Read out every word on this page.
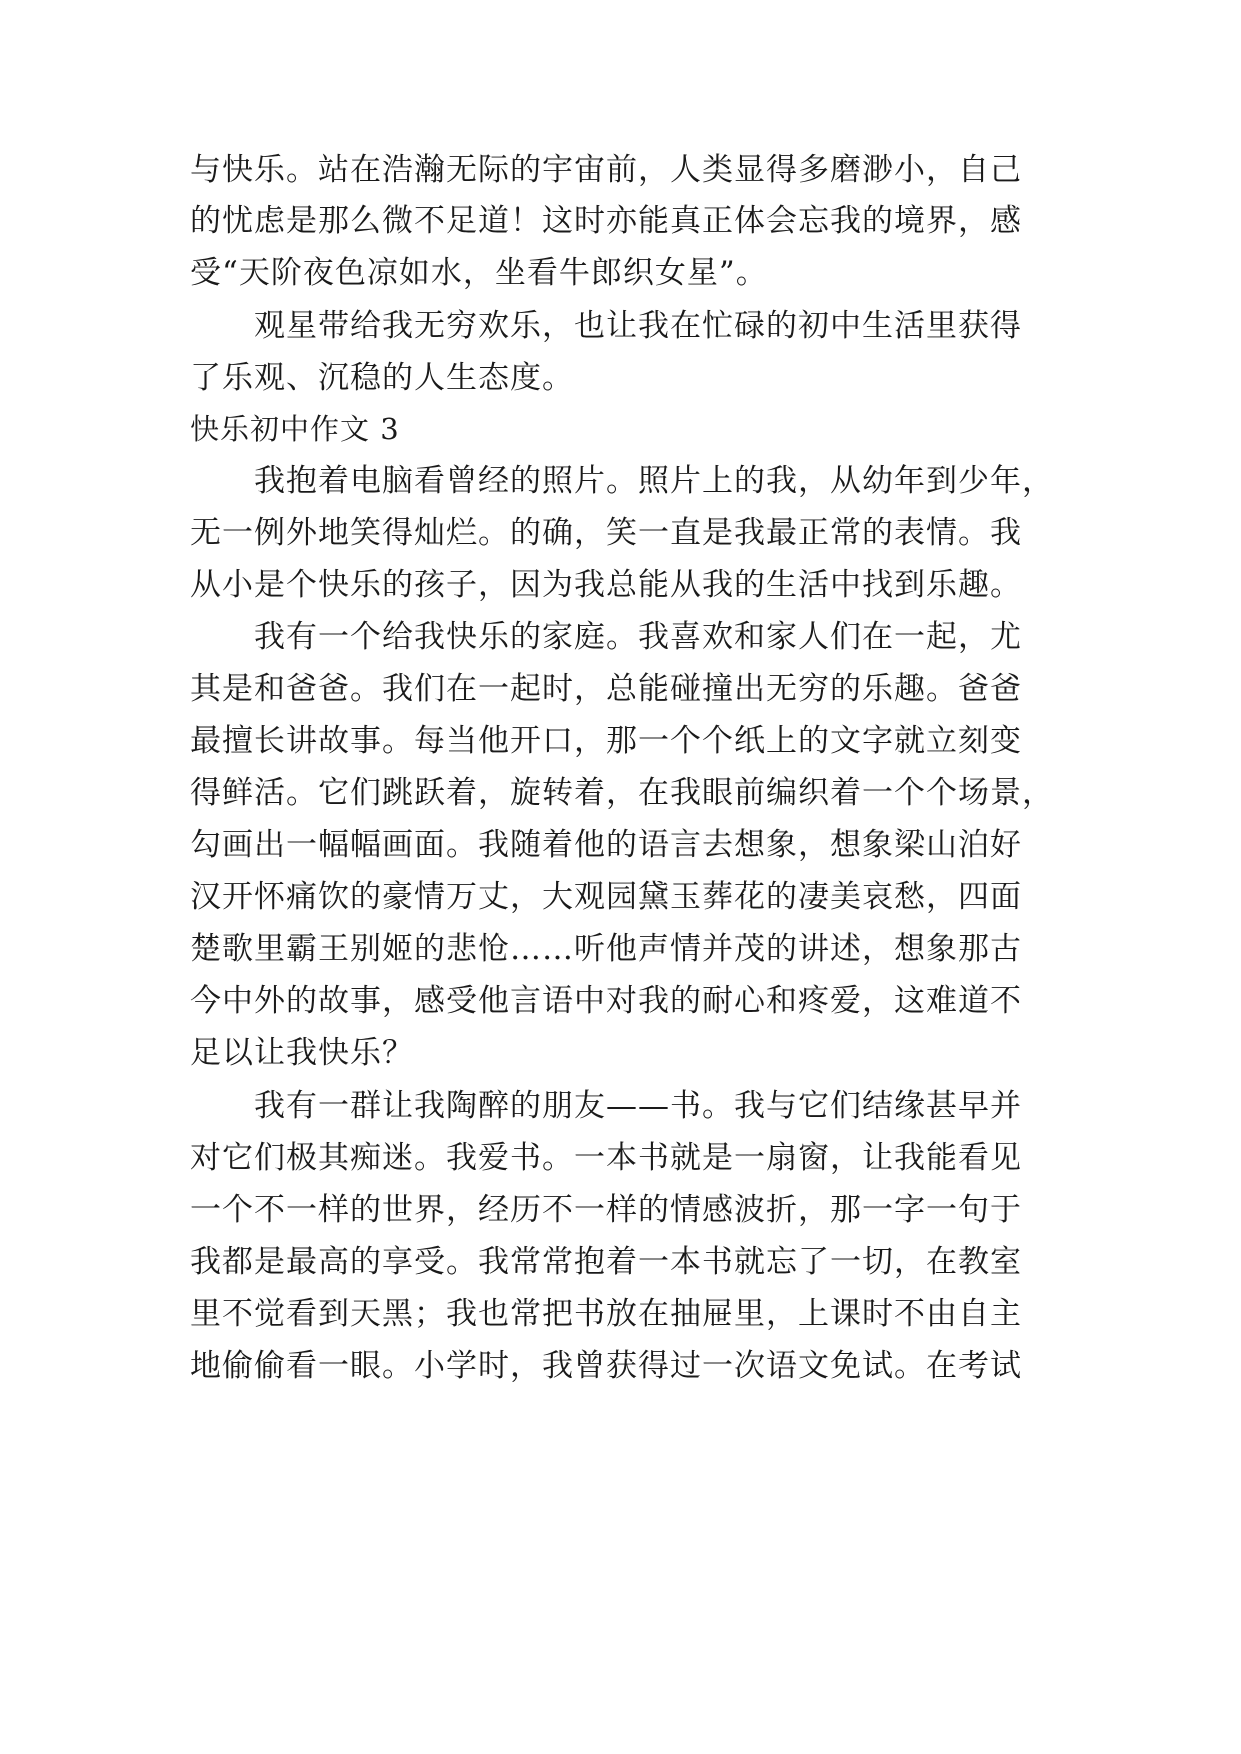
与快乐。站在浩瀚无际的宇宙前，人类显得多磨渺小，自己
的忧虑是那么微不足道！这时亦能真正体会忘我的境界，感
受“天阶夜色凉如水，坐看牛郎织女星”。
观星带给我无穷欢乐，也让我在忙碌的初中生活里获得
了乐观、沉稳的人生态度。
快乐初中作文 3
我抱着电脑看曾经的照片。照片上的我，从幼年到少年，
无一例外地笑得灿烂。的确，笑一直是我最正常的表情。我
从小是个快乐的孩子，因为我总能从我的生活中找到乐趣。
我有一个给我快乐的家庭。我喜欢和家人们在一起，尤
其是和爸爸。我们在一起时，总能碰撞出无穷的乐趣。爸爸
最擅长讲故事。每当他开口，那一个个纸上的文字就立刻变
得鲜活。它们跳跃着，旋转着，在我眼前编织着一个个场景，
勾画出一幅幅画面。我随着他的语言去想象，想象梁山泊好
汉开怀痛饮的豪情万丈，大观园黛玉葬花的凄美哀愁，四面
楚歌里霸王别姬的悲怆……听他声情并茂的讲述，想象那古
今中外的故事，感受他言语中对我的耐心和疼爱，这难道不
足以让我快乐？
我有一群让我陶醉的朋友——书。我与它们结缘甚早并
对它们极其痴迷。我爱书。一本书就是一扇窗，让我能看见
一个不一样的世界，经历不一样的情感波折，那一字一句于
我都是最高的享受。我常常抱着一本书就忘了一切，在教室
里不觉看到天黑；我也常把书放在抽屉里，上课时不由自主
地偷偷看一眼。小学时，我曾获得过一次语文免试。在考试
